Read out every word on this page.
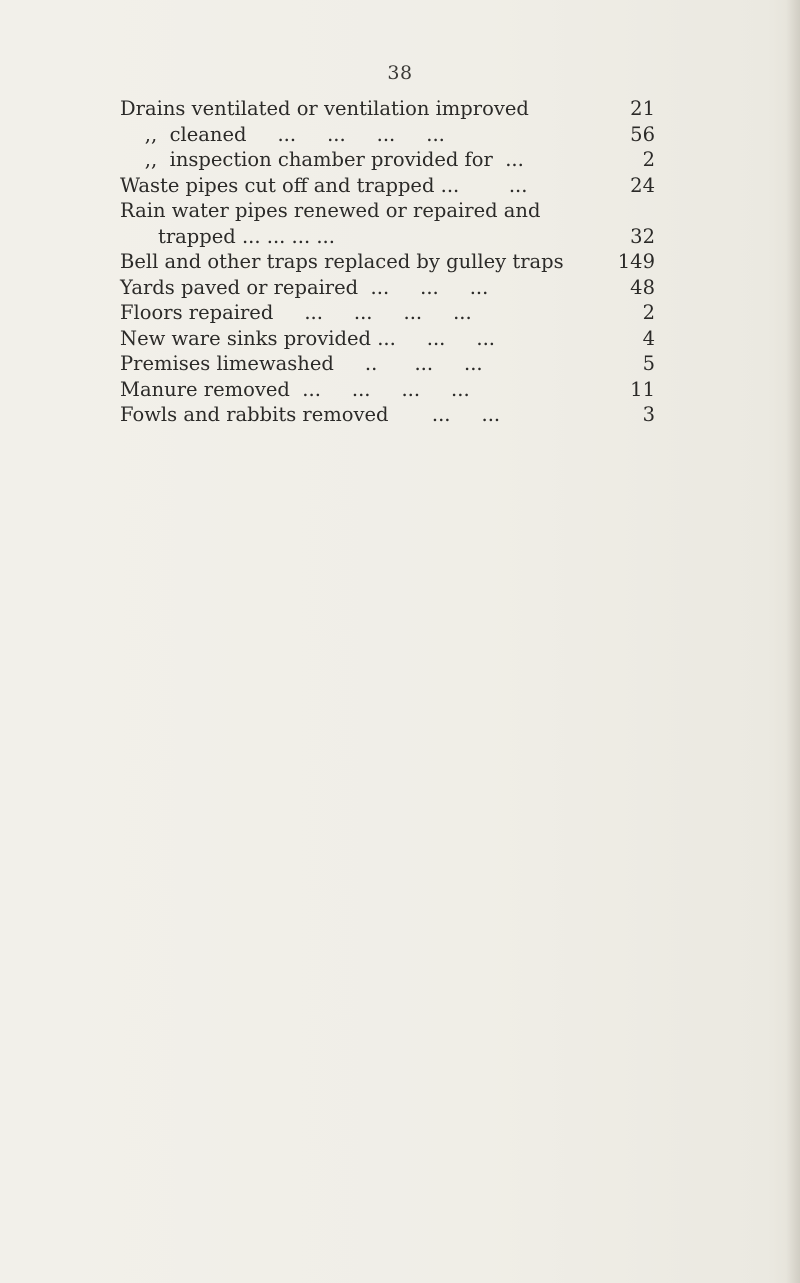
38
Drains ventilated or ventilation improved	21
,,  cleaned     ...     ...     ...     ...	56
,,  inspection chamber provided for  ...	2
Waste pipes cut off and trapped ...        ...	24
Rain water pipes renewed or repaired and
trapped ... ... ... ...	32
Bell and other traps replaced by gulley traps	149
Yards paved or repaired  ...     ...     ...	48
Floors repaired     ...     ...     ...     ...	2
New ware sinks provided ...     ...     ...	4
Premises limewashed     ..      ...     ...	5
Manure removed  ...     ...     ...     ...	11
Fowls and rabbits removed       ...     ...	3
